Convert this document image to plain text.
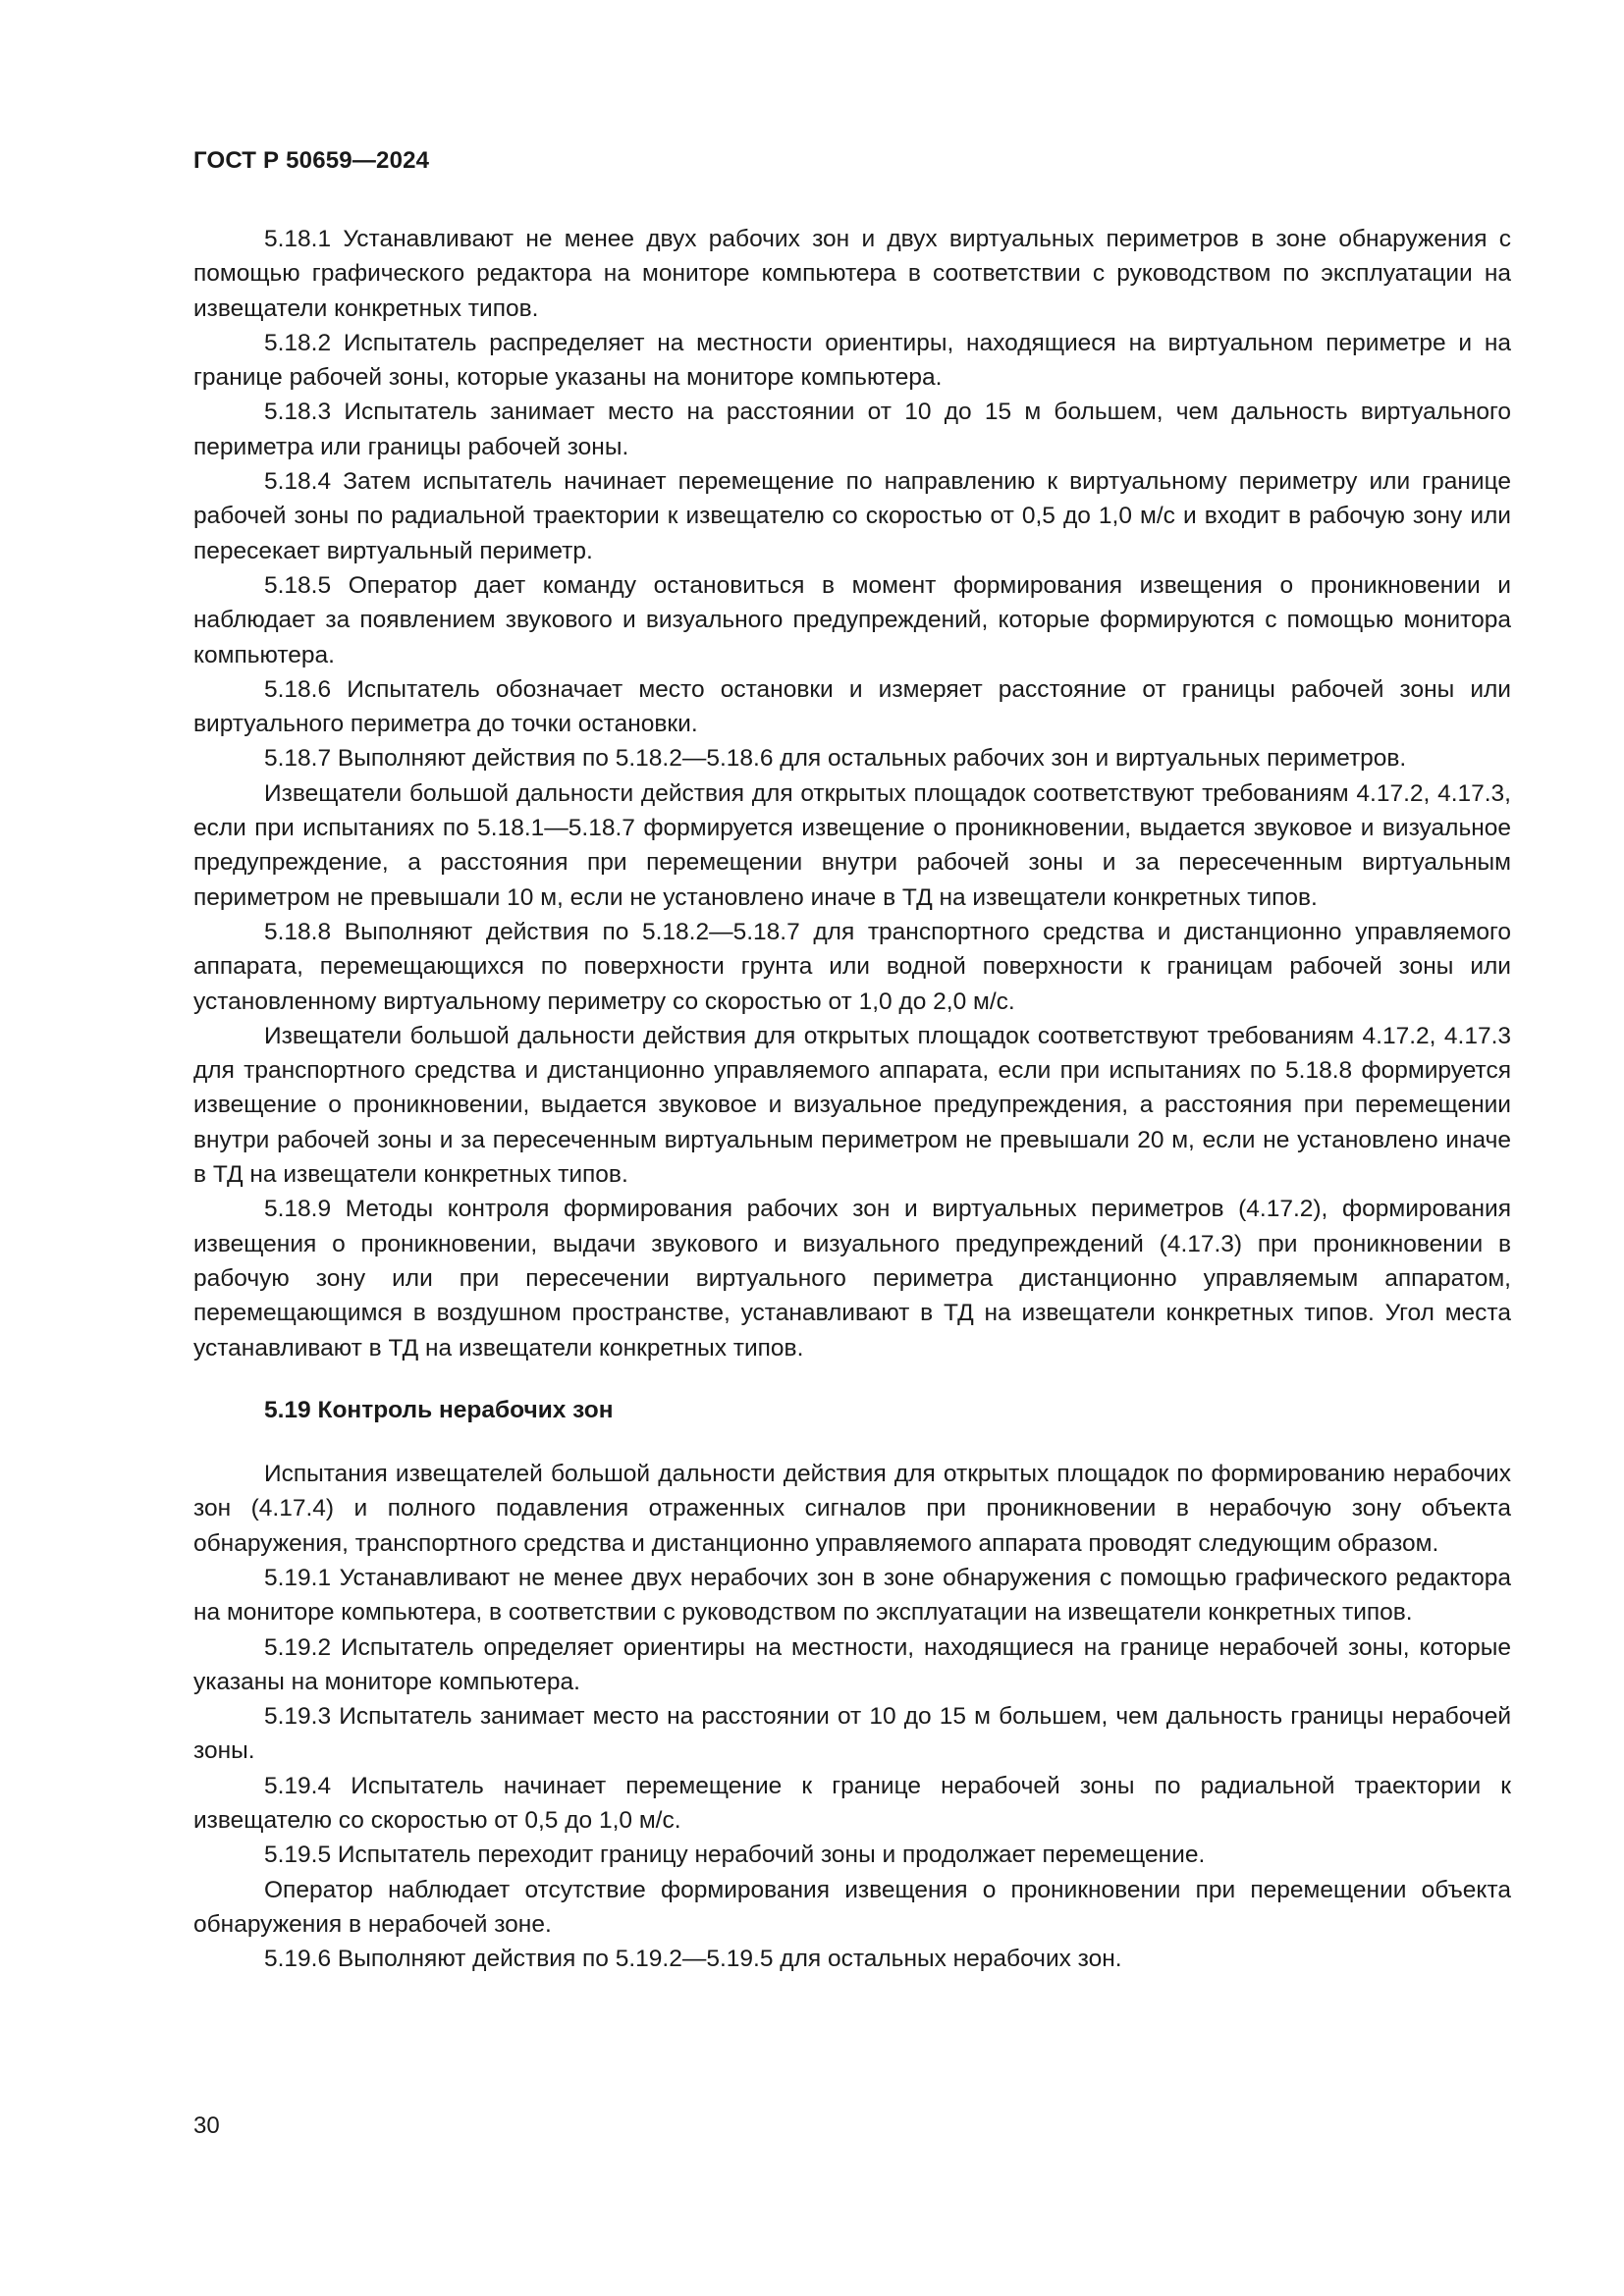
ГОСТ Р 50659—2024

5.18.1 Устанавливают не менее двух рабочих зон и двух виртуальных периметров в зоне обнаружения с помощью графического редактора на мониторе компьютера в соответствии с руководством по эксплуатации на извещатели конкретных типов.

5.18.2 Испытатель распределяет на местности ориентиры, находящиеся на виртуальном периметре и на границе рабочей зоны, которые указаны на мониторе компьютера.

5.18.3 Испытатель занимает место на расстоянии от 10 до 15 м большем, чем дальность виртуального периметра или границы рабочей зоны.

5.18.4 Затем испытатель начинает перемещение по направлению к виртуальному периметру или границе рабочей зоны по радиальной траектории к извещателю со скоростью от 0,5 до 1,0 м/с и входит в рабочую зону или пересекает виртуальный периметр.

5.18.5 Оператор дает команду остановиться в момент формирования извещения о проникновении и наблюдает за появлением звукового и визуального предупреждений, которые формируются с помощью монитора компьютера.

5.18.6 Испытатель обозначает место остановки и измеряет расстояние от границы рабочей зоны или виртуального периметра до точки остановки.

5.18.7 Выполняют действия по 5.18.2—5.18.6 для остальных рабочих зон и виртуальных периметров.

Извещатели большой дальности действия для открытых площадок соответствуют требованиям 4.17.2, 4.17.3, если при испытаниях по 5.18.1—5.18.7 формируется извещение о проникновении, выдается звуковое и визуальное предупреждение, а расстояния при перемещении внутри рабочей зоны и за пересеченным виртуальным периметром не превышали 10 м, если не установлено иначе в ТД на извещатели конкретных типов.

5.18.8 Выполняют действия по 5.18.2—5.18.7 для транспортного средства и дистанционно управляемого аппарата, перемещающихся по поверхности грунта или водной поверхности к границам рабочей зоны или установленному виртуальному периметру со скоростью от 1,0 до 2,0 м/с.

Извещатели большой дальности действия для открытых площадок соответствуют требованиям 4.17.2, 4.17.3 для транспортного средства и дистанционно управляемого аппарата, если при испытаниях по 5.18.8 формируется извещение о проникновении, выдается звуковое и визуальное предупреждения, а расстояния при перемещении внутри рабочей зоны и за пересеченным виртуальным периметром не превышали 20 м, если не установлено иначе в ТД на извещатели конкретных типов.

5.18.9 Методы контроля формирования рабочих зон и виртуальных периметров (4.17.2), формирования извещения о проникновении, выдачи звукового и визуального предупреждений (4.17.3) при проникновении в рабочую зону или при пересечении виртуального периметра дистанционно управляемым аппаратом, перемещающимся в воздушном пространстве, устанавливают в ТД на извещатели конкретных типов. Угол места устанавливают в ТД на извещатели конкретных типов.

5.19 Контроль нерабочих зон

Испытания извещателей большой дальности действия для открытых площадок по формированию нерабочих зон (4.17.4) и полного подавления отраженных сигналов при проникновении в нерабочую зону объекта обнаружения, транспортного средства и дистанционно управляемого аппарата проводят следующим образом.

5.19.1 Устанавливают не менее двух нерабочих зон в зоне обнаружения с помощью графического редактора на мониторе компьютера, в соответствии с руководством по эксплуатации на извещатели конкретных типов.

5.19.2 Испытатель определяет ориентиры на местности, находящиеся на границе нерабочей зоны, которые указаны на мониторе компьютера.

5.19.3 Испытатель занимает место на расстоянии от 10 до 15 м большем, чем дальность границы нерабочей зоны.

5.19.4 Испытатель начинает перемещение к границе нерабочей зоны по радиальной траектории к извещателю со скоростью от 0,5 до 1,0 м/с.

5.19.5 Испытатель переходит границу нерабочий зоны и продолжает перемещение.

Оператор наблюдает отсутствие формирования извещения о проникновении при перемещении объекта обнаружения в нерабочей зоне.

5.19.6 Выполняют действия по 5.19.2—5.19.5 для остальных нерабочих зон.

30
